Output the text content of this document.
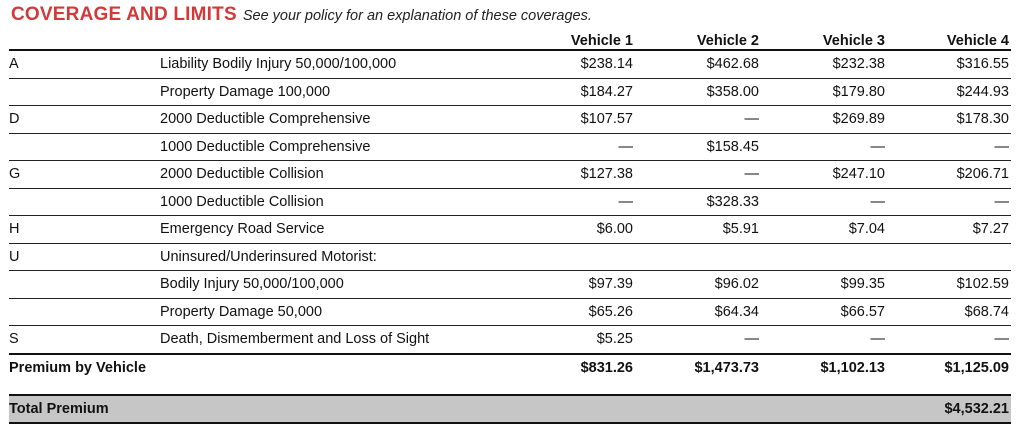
COVERAGE AND LIMITS See your policy for an explanation of these coverages.
		Vehicle 1	Vehicle 2	Vehicle 3	Vehicle 4
A	Liability Bodily Injury 50,000/100,000	$238.14	$462.68	$232.38	$316.55
	Property Damage 100,000	$184.27	$358.00	$179.80	$244.93
D	2000 Deductible Comprehensive	$107.57	—	$269.89	$178.30
	1000 Deductible Comprehensive	—	$158.45	—	—
G	2000 Deductible Collision	$127.38	—	$247.10	$206.71
	1000 Deductible Collision	—	$328.33	—	—
H	Emergency Road Service	$6.00	$5.91	$7.04	$7.27
U	Uninsured/Underinsured Motorist:				
	Bodily Injury 50,000/100,000	$97.39	$96.02	$99.35	$102.59
	Property Damage 50,000	$65.26	$64.34	$66.57	$68.74
S	Death, Dismemberment and Loss of Sight	$5.25	—	—	—
Premium by Vehicle		$831.26	$1,473.73	$1,102.13	$1,125.09

Total Premium					$4,532.21
